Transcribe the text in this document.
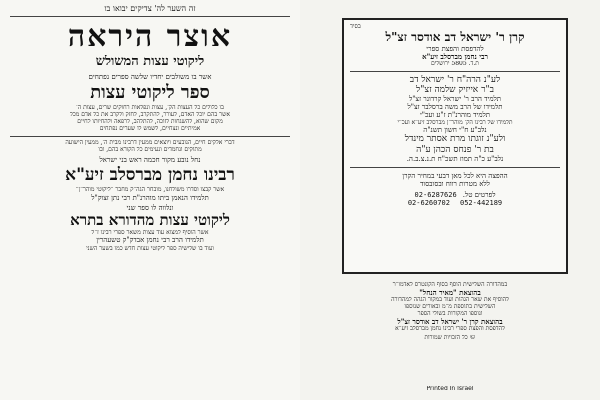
זה השער לה' צדיקים יבואו בו
אוצר היראה
ליקוטי עצות המשולש
אשר בו משולבים יחדיו שלשה ספרים נפתחים
ספר ליקוטי עצות
בו כלולים כל העצות הק', עצות ונפלאות רחוקים שרים, עצות ה'
אשר בהם יוכל האדם, לעורר, להתקרב, לחזק ולקרב את כל אדם מכל
מקום שהוא, להשגחות לזוכה, להתלהב, לרפאה ולהחיותו לחיים
אמיתיים ונצחיים, לשמש לו שערים נפתחים
דברי אלקים חיים, הנובעים ויוצאים ממעין דרבינו מבית ה', ממעין הישועה
מתוקים ונחמדים ונעימים כל הקורא בהם, ובו
נחל נובע מקור חכמה ראש בני ישראל
רבינו נחמן מברסלב זיע"א
אשר קבצו וסדרו משולחנו, מובחר הגה"ק מחבר "ליקוטי מוהר"ן"
תלמידו הנאמן ביתו מוהרנ"ת רבי נתן זצוק"ל
ונלווה לו ספר שני
ליקוטי עצות מהדורא בתרא
אשר הוסיף למצוא עוד עצות משאר ספרי רבינו ז"ל
תלמידו הרב רבי נחמן אבדק"ק טשעהרין
ועוד בו שלישיה ספר ליקוטי עצות חדש כמו בשער השני
בסיד
קרן ר' ישראל דב אודסר זצ"ל
להדפסת והפצת ספרי
רבי נחמן מברסלב זיע"א
ת.ד. 5805 ירושלים
לע"נ הרה"ח ר' ישראל דב
ב"ר אייזיק שלמה זצ"ל
תלמיד הרב ר' ישראל קרדונר זצ"ל
תלמידו של הרב משה ברסלבר זצ"ל
תלמיד מוהרנ"ת ז"ע ועכ"י
תלמידו של רבינו הק' מוהר"ן מברסלב זיע"א ועכ"י
נלב"ע ח"י חשון תשנ"ה
ולע"נ זוגתו מרת אסתר מינדל
בת ר' פנחס הכהן ע"ה
נלב"ע כ"ה תמוז תשכ"ח ת.נ.צ.ב.ה.
ההפצה היא לכל מאן דבעי במחיר הקרן
ללא מטרות רווח ובסובסוד
לפרטים טל.
02-6287626
052-442189
02-6260702
במהדורה השלישית הוסף בסוף הקונטרס לאדמו"ר
בהוצאת "מאיר הנחל"
להוסיף את שאר הגהות ועוד במקור הגהה למהדורה
השלישית בתוספת מ"מ ובאורים שנוספו
ונוספו המקורות בשולי הספר
בהוצאת קרן ר' ישראל דב אודסר זצ"ל
להדפסת והפצת ספרי רבינו נחמן מברסלב זיע"א
© כל הזכויות שמורות
Printed In Israel
